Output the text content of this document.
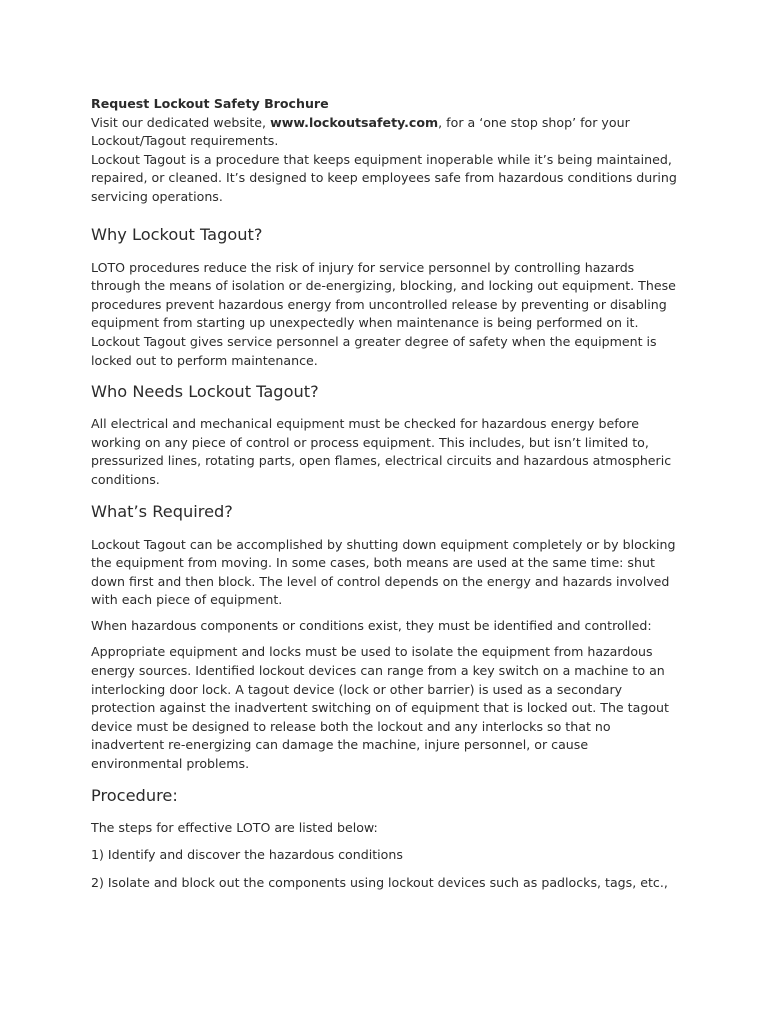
Request Lockout Safety Brochure
Visit our dedicated website, www.lockoutsafety.com, for a ‘one stop shop’ for your Lockout/Tagout requirements.
Lockout Tagout is a procedure that keeps equipment inoperable while it’s being maintained, repaired, or cleaned. It’s designed to keep employees safe from hazardous conditions during servicing operations.
Why Lockout Tagout?

LOTO procedures reduce the risk of injury for service personnel by controlling hazards through the means of isolation or de-energizing, blocking, and locking out equipment. These procedures prevent hazardous energy from uncontrolled release by preventing or disabling equipment from starting up unexpectedly when maintenance is being performed on it. Lockout Tagout gives service personnel a greater degree of safety when the equipment is locked out to perform maintenance.

Who Needs Lockout Tagout?

All electrical and mechanical equipment must be checked for hazardous energy before working on any piece of control or process equipment. This includes, but isn’t limited to, pressurized lines, rotating parts, open flames, electrical circuits and hazardous atmospheric conditions.

What’s Required?

Lockout Tagout can be accomplished by shutting down equipment completely or by blocking the equipment from moving. In some cases, both means are used at the same time: shut down first and then block. The level of control depends on the energy and hazards involved with each piece of equipment.

When hazardous components or conditions exist, they must be identified and controlled:

Appropriate equipment and locks must be used to isolate the equipment from hazardous energy sources. Identified lockout devices can range from a key switch on a machine to an interlocking door lock. A tagout device (lock or other barrier) is used as a secondary protection against the inadvertent switching on of equipment that is locked out. The tagout device must be designed to release both the lockout and any interlocks so that no inadvertent re-energizing can damage the machine, injure personnel, or cause environmental problems.

Procedure:

The steps for effective LOTO are listed below:

1) Identify and discover the hazardous conditions

2) Isolate and block out the components using lockout devices such as padlocks, tags, etc.,
